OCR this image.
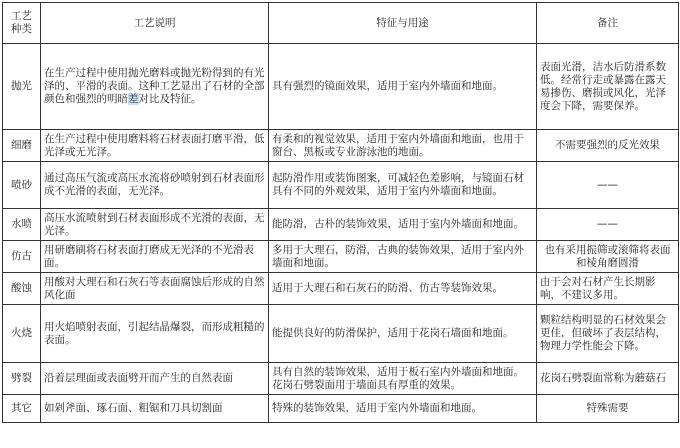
工艺种类	工艺说明	特征与用途	备注
抛光	在生产过程中使用抛光磨料或抛光粉得到的有光泽的、平滑的表面。这种工艺显出了石材的全部颜色和强烈的明暗差对比及特征。	具有强烈的镜面效果，适用于室内外墙面和地面。	表面光滑，洁水后防滑系数低。经常行走或暴露在露天易掺伤、磨损或风化，光泽度会下降，需要保养。
细磨	在生产过程中使用磨料将石材表面打磨平滑，低光泽或无光泽。	有柔和的视觉效果，适用于室内外墙面和地面，也用于窗台、黑板或专业游泳池的地面。	不需要强烈的反光效果
喷砂	通过高压气流或高压水流将砂喷射到石材表面形成不光滑的表面，无光泽。	起防滑作用或装饰图案，可减轻色差影响，与镜面石材具有不同的外观效果，适用于室内外墙面和地面。	——
水喷	高压水流喷射到石材表面形成不光滑的表面，无光泽。	能防滑，古朴的装饰效果，适用于室内外墙面和地面。	——
仿古	用研磨刷将石材表面打磨成无光泽的不光滑表面。	多用于大理石，防滑，古典的装饰效果，适用于室内外墙面和地面。	也有采用振筛或滚筛将表面和棱角磨圆滑
酸蚀	用酸对大理石和石灰石等表面腐蚀后形成的自然风化面	适用于大理石和石灰石的防滑、仿古等装饰效果。	由于会对石材产生长期影响，不建议多用。
火烧	用火焰喷射表面，引起结晶爆裂，而形成粗糙的表面。	能提供良好的防滑保护，适用于花岗石墙面和地面。	颗粒结构明显的石材效果会更佳，但破坏了表层结构，物理力学性能会下降。
劈裂	沿着层理面或表面劈开而产生的自然表面	具有自然的装饰效果，适用于板石室内外墙面和地面。花岗石劈裂面用于墙面具有厚重的效果。	花岗石劈裂面常称为蘑菇石
其它	如剁斧面、琢石面、粗锯和刀具切割面	特殊的装饰效果，适用于室内外墙面和地面。	特殊需要
